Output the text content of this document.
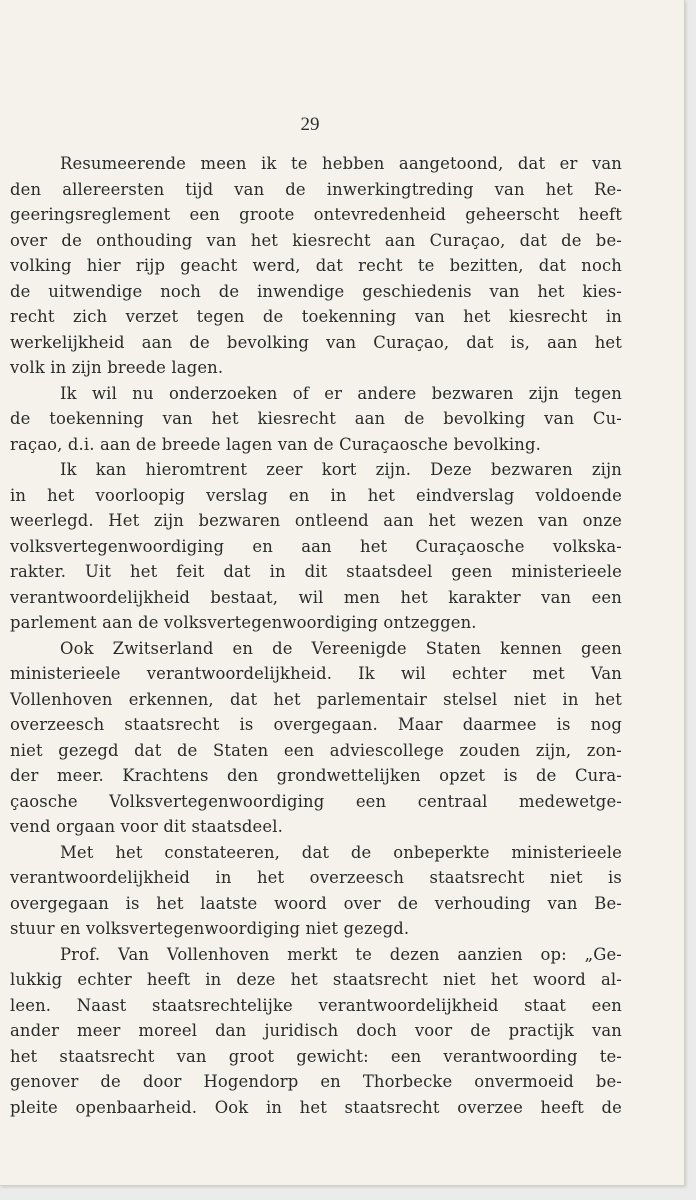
29
Resumeerende meen ik te hebben aangetoond, dat er van
den allereersten tijd van de inwerkingtreding van het Re-
geeringsreglement een groote ontevredenheid geheerscht heeft
over de onthouding van het kiesrecht aan Curaçao, dat de be-
volking hier rijp geacht werd, dat recht te bezitten, dat noch
de uitwendige noch de inwendige geschiedenis van het kies-
recht zich verzet tegen de toekenning van het kiesrecht in
werkelijkheid aan de bevolking van Curaçao, dat is, aan het
volk in zijn breede lagen.
Ik wil nu onderzoeken of er andere bezwaren zijn tegen
de toekenning van het kiesrecht aan de bevolking van Cu-
raçao, d.i. aan de breede lagen van de Curaçaosche bevolking.
Ik kan hieromtrent zeer kort zijn. Deze bezwaren zijn
in het voorloopig verslag en in het eindverslag voldoende
weerlegd. Het zijn bezwaren ontleend aan het wezen van onze
volksvertegenwoordiging en aan het Curaçaosche volkska-
rakter. Uit het feit dat in dit staatsdeel geen ministerieele
verantwoordelijkheid bestaat, wil men het karakter van een
parlement aan de volksvertegenwoordiging ontzeggen.
Ook Zwitserland en de Vereenigde Staten kennen geen
ministerieele verantwoordelijkheid. Ik wil echter met Van
Vollenhoven erkennen, dat het parlementair stelsel niet in het
overzeesch staatsrecht is overgegaan. Maar daarmee is nog
niet gezegd dat de Staten een adviescollege zouden zijn, zon-
der meer. Krachtens den grondwettelijken opzet is de Cura-
çaosche Volksvertegenwoordiging een centraal medewetge-
vend orgaan voor dit staatsdeel.
Met het constateeren, dat de onbeperkte ministerieele
verantwoordelijkheid in het overzeesch staatsrecht niet is
overgegaan is het laatste woord over de verhouding van Be-
stuur en volksvertegenwoordiging niet gezegd.
Prof. Van Vollenhoven merkt te dezen aanzien op: „Ge-
lukkig echter heeft in deze het staatsrecht niet het woord al-
leen. Naast staatsrechtelijke verantwoordelijkheid staat een
ander meer moreel dan juridisch doch voor de practijk van
het staatsrecht van groot gewicht: een verantwoording te-
genover de door Hogendorp en Thorbecke onvermoeid be-
pleite openbaarheid. Ook in het staatsrecht overzee heeft de
